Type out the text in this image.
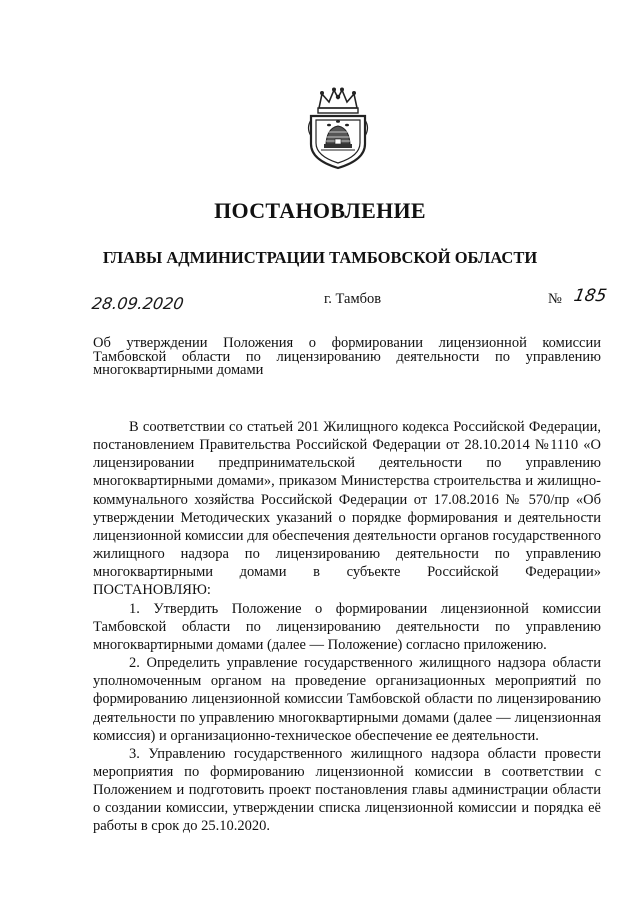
ПОСТАНОВЛЕНИЕ
ГЛАВЫ АДМИНИСТРАЦИИ ТАМБОВСКОЙ ОБЛАСТИ
28.09.2020	г. Тамбов	№ 185

Об утверждении Положения о формировании лицензионной комиссии Тамбовской области по лицензированию деятельности по управлению многоквартирными домами

В соответствии со статьей 201 Жилищного кодекса Российской Федерации, постановлением Правительства Российской Федерации от 28.10.2014 №1110 «О лицензировании предпринимательской деятельности по управлению многоквартирными домами», приказом Министерства строительства и жилищно-коммунального хозяйства Российской Федерации от 17.08.2016 № 570/пр «Об утверждении Методических указаний о порядке формирования и деятельности лицензионной комиссии для обеспечения деятельности органов государственного жилищного надзора по лицензированию деятельности по управлению многоквартирными домами в субъекте Российской Федерации» ПОСТАНОВЛЯЮ:

1. Утвердить Положение о формировании лицензионной комиссии Тамбовской области по лицензированию деятельности по управлению многоквартирными домами (далее — Положение) согласно приложению.

2. Определить управление государственного жилищного надзора области уполномоченным органом на проведение организационных мероприятий по формированию лицензионной комиссии Тамбовской области по лицензированию деятельности по управлению многоквартирными домами (далее — лицензионная комиссия) и организационно-техническое обеспечение ее деятельности.

3. Управлению государственного жилищного надзора области провести мероприятия по формированию лицензионной комиссии в соответствии с Положением и подготовить проект постановления главы администрации области о создании комиссии, утверждении списка лицензионной комиссии и порядка её работы в срок до 25.10.2020.
